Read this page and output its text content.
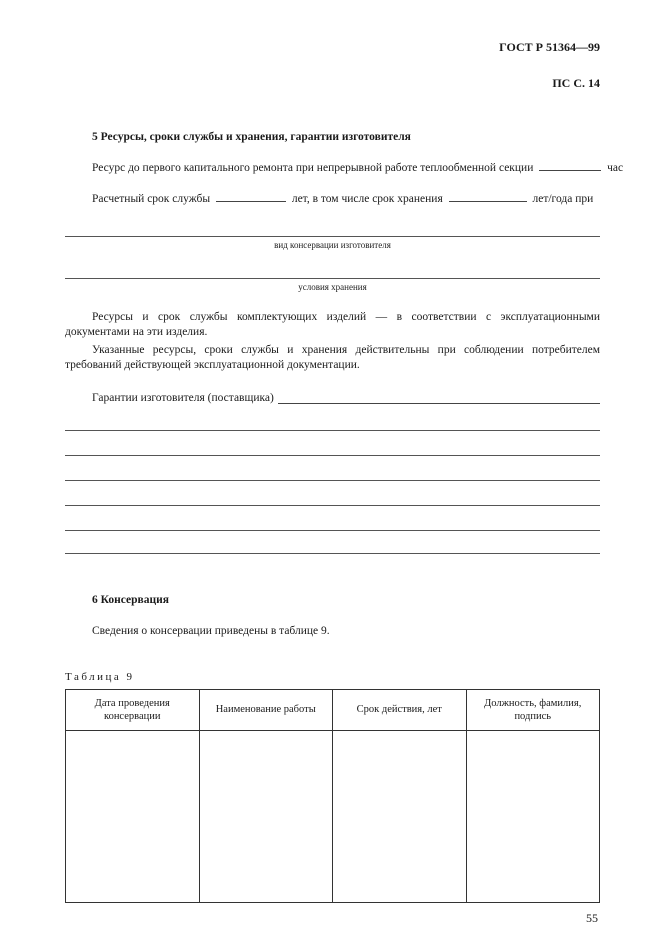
ГОСТ Р 51364—99
ПС С. 14
5 Ресурсы, сроки службы и хранения, гарантии изготовителя
Ресурс до первого капитального ремонта при непрерывной работе теплообменной секции	час
Расчетный срок службы	лет, в том числе срок хранения	лет/года при
вид консервации изготовителя
условия хранения
Ресурсы и срок службы комплектующих изделий — в соответствии с эксплуатационными документами на эти изделия.
Указанные ресурсы, сроки службы и хранения действительны при соблюдении потребителем требований действующей эксплуатационной документации.
Гарантии изготовителя (поставщика)
6 Консервация
Сведения о консервации приведены в таблице 9.
Таблица 9
Дата проведения консервации	Наименование работы	Срок действия, лет	Должность, фамилия, подпись

55
